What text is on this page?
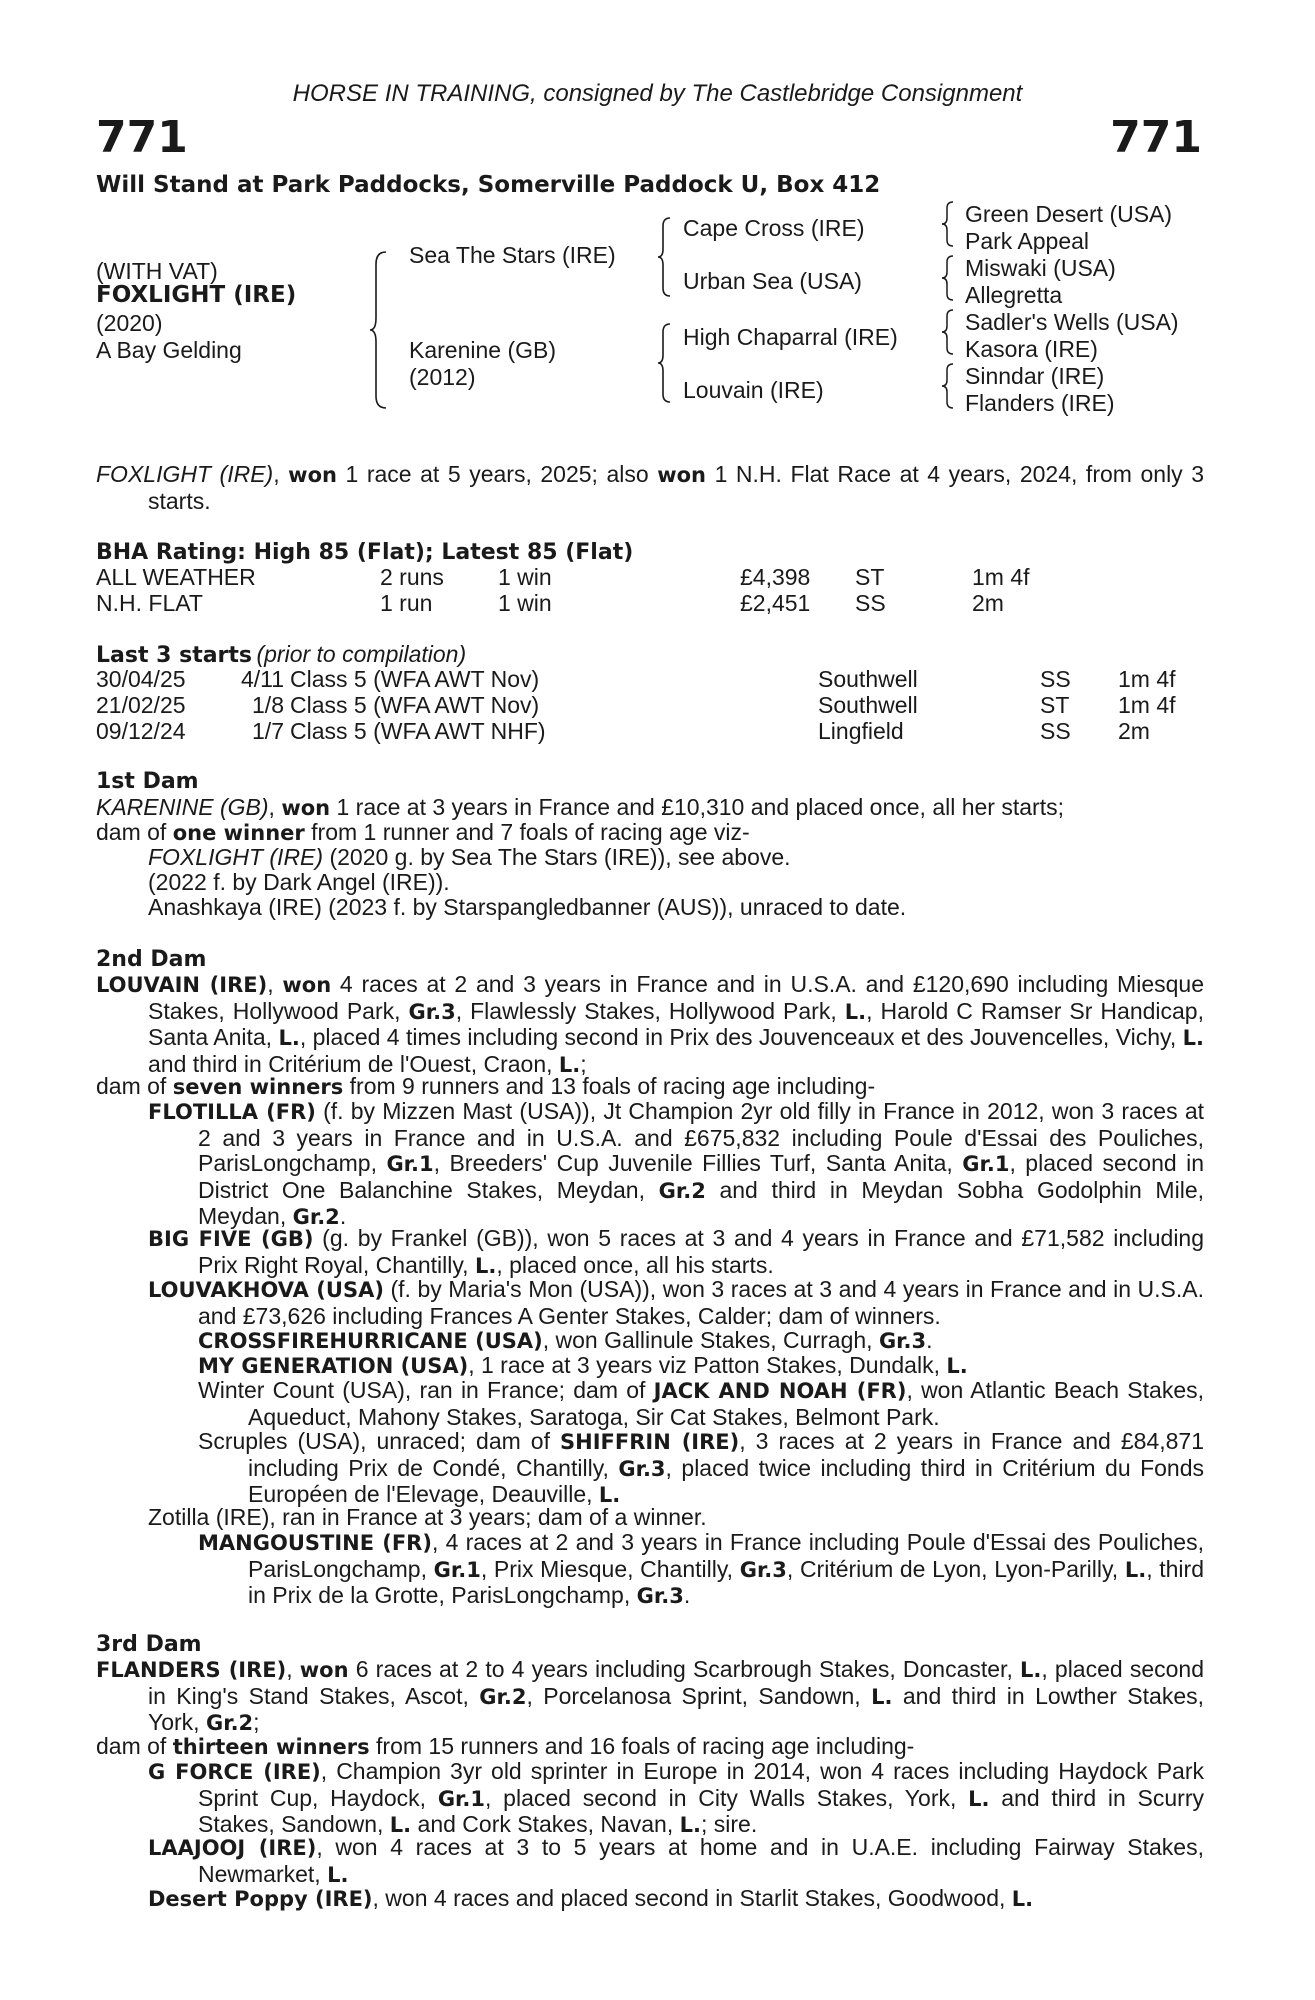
HORSE IN TRAINING, consigned by The Castlebridge Consignment
771	771
Will Stand at Park Paddocks, Somerville Paddock U, Box 412
(WITH VAT)
FOXLIGHT (IRE)
(2020)
A Bay Gelding
Sea The Stars (IRE)
Karenine (GB)
(2012)
Cape Cross (IRE)
Urban Sea (USA)
High Chaparral (IRE)
Louvain (IRE)
Green Desert (USA)
Park Appeal
Miswaki (USA)
Allegretta
Sadler's Wells (USA)
Kasora (IRE)
Sinndar (IRE)
Flanders (IRE)
FOXLIGHT (IRE), won 1 race at 5 years, 2025; also won 1 N.H. Flat Race at 4 years, 2024, from only 3 starts.
BHA Rating: High 85 (Flat); Latest 85 (Flat)
ALL WEATHER	2 runs 1 win	£4,398 ST	1m 4f
N.H. FLAT	1 run	1 win	£2,451 SS	2m
Last 3 starts (prior to compilation)
30/04/25	4/11 Class 5 (WFA AWT Nov)	Southwell	SS 1m 4f
21/02/25	1/8 Class 5 (WFA AWT Nov)	Southwell	ST 1m 4f
09/12/24	1/7 Class 5 (WFA AWT NHF)	Lingfield	SS 2m
1st Dam
KARENINE (GB), won 1 race at 3 years in France and £10,310 and placed once, all her starts;
dam of one winner from 1 runner and 7 foals of racing age viz-
FOXLIGHT (IRE) (2020 g. by Sea The Stars (IRE)), see above.
(2022 f. by Dark Angel (IRE)).
Anashkaya (IRE) (2023 f. by Starspangledbanner (AUS)), unraced to date.
2nd Dam
LOUVAIN (IRE), won 4 races at 2 and 3 years in France and in U.S.A. and £120,690 including Miesque Stakes, Hollywood Park, Gr.3, Flawlessly Stakes, Hollywood Park, L., Harold C Ramser Sr Handicap, Santa Anita, L., placed 4 times including second in Prix des Jouvenceaux et des Jouvencelles, Vichy, L. and third in Critérium de l'Ouest, Craon, L.;
dam of seven winners from 9 runners and 13 foals of racing age including-
FLOTILLA (FR) (f. by Mizzen Mast (USA)), Jt Champion 2yr old filly in France in 2012, won 3 races at 2 and 3 years in France and in U.S.A. and £675,832 including Poule d'Essai des Pouliches, ParisLongchamp, Gr.1, Breeders' Cup Juvenile Fillies Turf, Santa Anita, Gr.1, placed second in District One Balanchine Stakes, Meydan, Gr.2 and third in Meydan Sobha Godolphin Mile, Meydan, Gr.2.
BIG FIVE (GB) (g. by Frankel (GB)), won 5 races at 3 and 4 years in France and £71,582 including Prix Right Royal, Chantilly, L., placed once, all his starts.
LOUVAKHOVA (USA) (f. by Maria's Mon (USA)), won 3 races at 3 and 4 years in France and in U.S.A. and £73,626 including Frances A Genter Stakes, Calder; dam of winners.
CROSSFIREHURRICANE (USA), won Gallinule Stakes, Curragh, Gr.3.
MY GENERATION (USA), 1 race at 3 years viz Patton Stakes, Dundalk, L.
Winter Count (USA), ran in France; dam of JACK AND NOAH (FR), won Atlantic Beach Stakes, Aqueduct, Mahony Stakes, Saratoga, Sir Cat Stakes, Belmont Park.
Scruples (USA), unraced; dam of SHIFFRIN (IRE), 3 races at 2 years in France and £84,871 including Prix de Condé, Chantilly, Gr.3, placed twice including third in Critérium du Fonds Européen de l'Elevage, Deauville, L.
Zotilla (IRE), ran in France at 3 years; dam of a winner.
MANGOUSTINE (FR), 4 races at 2 and 3 years in France including Poule d'Essai des Pouliches, ParisLongchamp, Gr.1, Prix Miesque, Chantilly, Gr.3, Critérium de Lyon, Lyon-Parilly, L., third in Prix de la Grotte, ParisLongchamp, Gr.3.
3rd Dam
FLANDERS (IRE), won 6 races at 2 to 4 years including Scarbrough Stakes, Doncaster, L., placed second in King's Stand Stakes, Ascot, Gr.2, Porcelanosa Sprint, Sandown, L. and third in Lowther Stakes, York, Gr.2;
dam of thirteen winners from 15 runners and 16 foals of racing age including-
G FORCE (IRE), Champion 3yr old sprinter in Europe in 2014, won 4 races including Haydock Park Sprint Cup, Haydock, Gr.1, placed second in City Walls Stakes, York, L. and third in Scurry Stakes, Sandown, L. and Cork Stakes, Navan, L.; sire.
LAAJOOJ (IRE), won 4 races at 3 to 5 years at home and in U.A.E. including Fairway Stakes, Newmarket, L.
Desert Poppy (IRE), won 4 races and placed second in Starlit Stakes, Goodwood, L.
